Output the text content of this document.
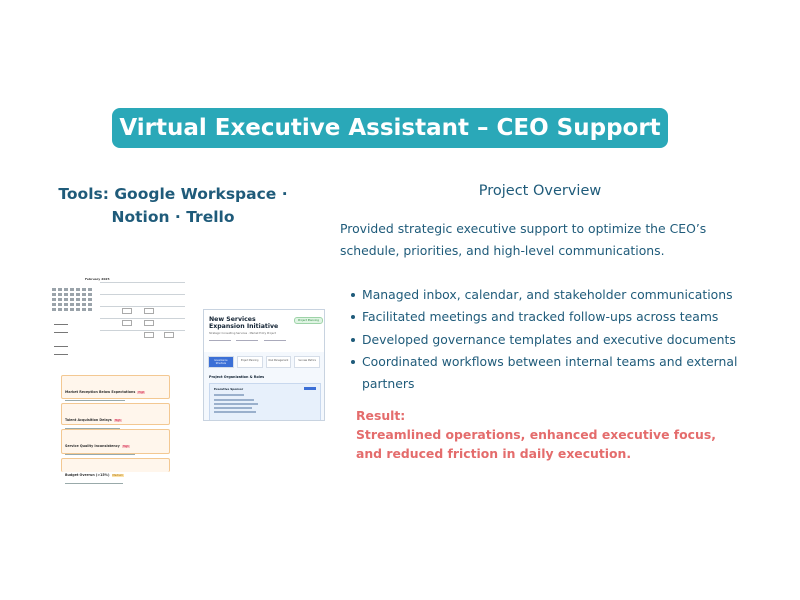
Virtual Executive Assistant – CEO Support
Tools: Google Workspace · Notion · Trello
Project Overview
Provided strategic executive support to optimize the CEO’s schedule, priorities, and high-level communications.
Managed inbox, calendar, and stakeholder communications
Facilitated meetings and tracked follow-ups across teams
Developed governance templates and executive documents
Coordinated workflows between internal teams and external partners
Result:
Streamlined operations, enhanced executive focus, and reduced friction in daily execution.
February 2025
Market Reception Below Expectations High
Talent Acquisition Delays High
Service Quality Inconsistency High
Budget Overrun (>15%) Medium
New Services Expansion Initiative
Strategic Consulting Services · Market Entry Project
Project Planning
Governance Structure
Project Planning	Risk Management	Success Metrics
Project Organization & Roles
Executive Sponsor
